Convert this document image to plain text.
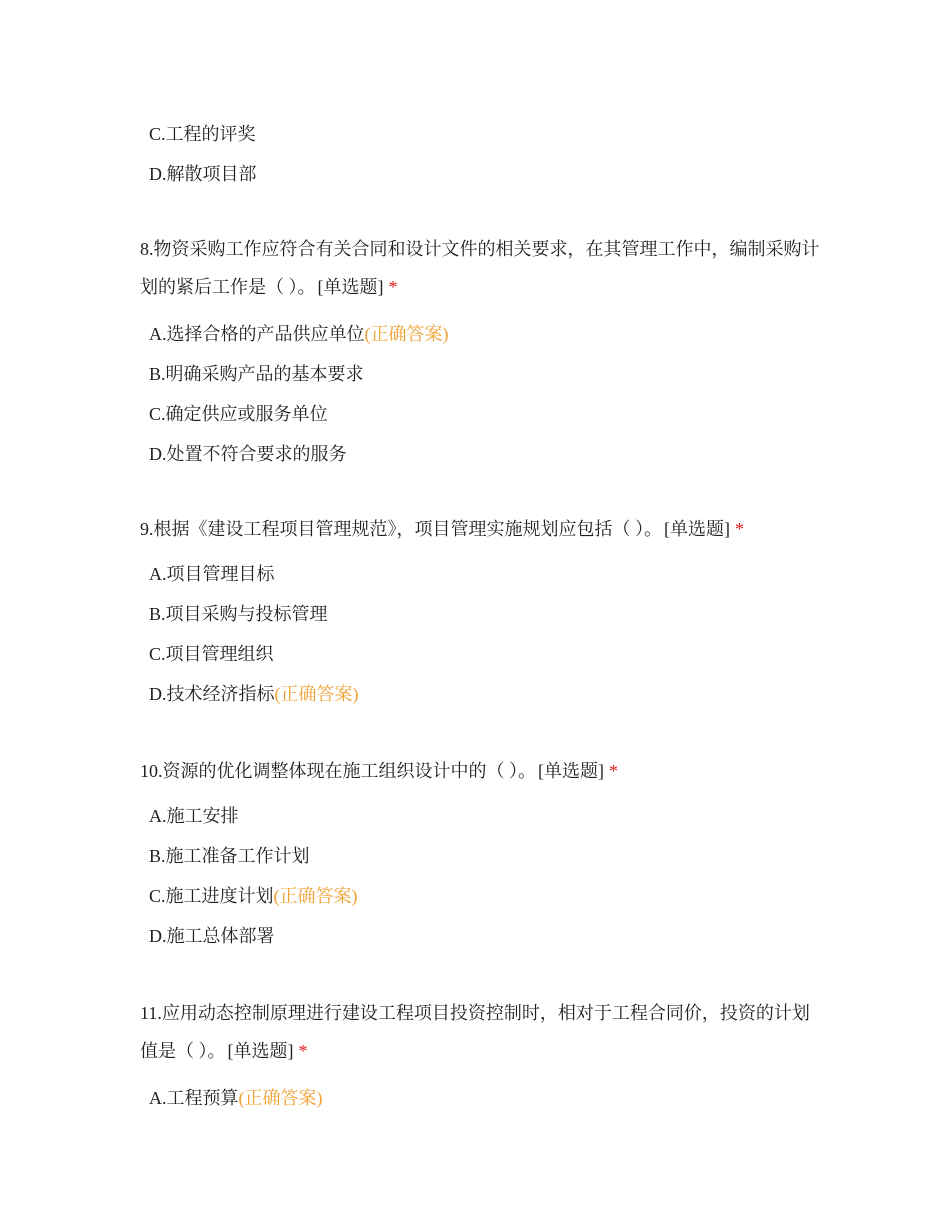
C.工程的评奖

D.解散项目部

8.物资采购工作应符合有关合同和设计文件的相关要求，在其管理工作中，编制采购计划的紧后工作是（ ）。 [单选题] *

A.选择合格的产品供应单位(正确答案)

B.明确采购产品的基本要求

C.确定供应或服务单位

D.处置不符合要求的服务

9.根据《建设工程项目管理规范》，项目管理实施规划应包括（ ）。 [单选题] *

A.项目管理目标

B.项目采购与投标管理

C.项目管理组织

D.技术经济指标(正确答案)

10.资源的优化调整体现在施工组织设计中的（ ）。 [单选题] *

A.施工安排

B.施工准备工作计划

C.施工进度计划(正确答案)

D.施工总体部署

11.应用动态控制原理进行建设工程项目投资控制时，相对于工程合同价，投资的计划值是（ ）。 [单选题] *

A.工程预算(正确答案)
